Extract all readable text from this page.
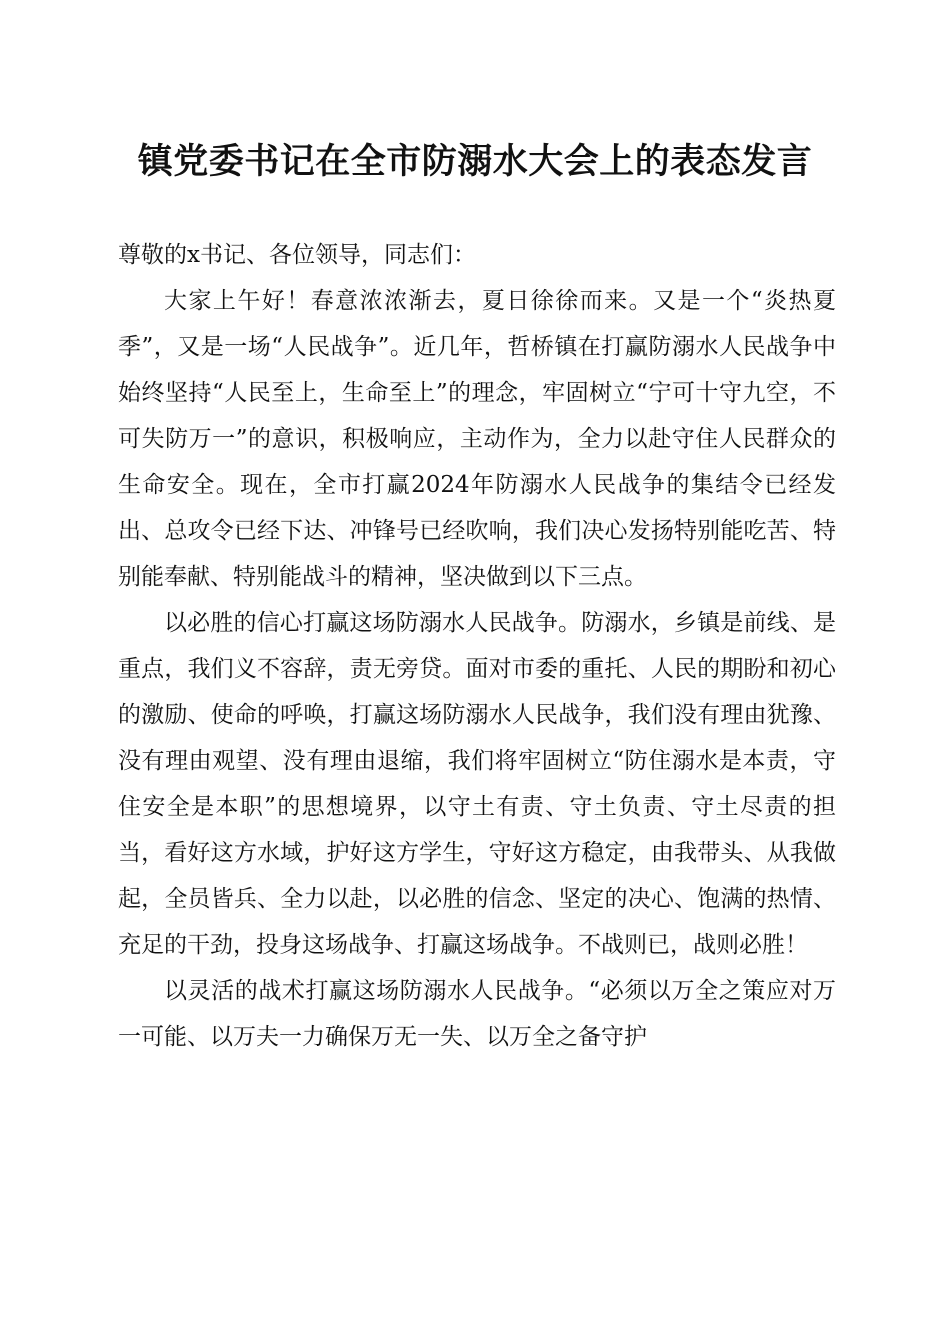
镇党委书记在全市防溺水大会上的表态发言

尊敬的x书记、各位领导，同志们：

大家上午好！春意浓浓渐去，夏日徐徐而来。又是一个“炎热夏季”，又是一场“人民战争”。近几年，哲桥镇在打赢防溺水人民战争中始终坚持“人民至上，生命至上”的理念，牢固树立“宁可十守九空，不可失防万一”的意识，积极响应，主动作为，全力以赴守住人民群众的生命安全。现在，全市打赢2024年防溺水人民战争的集结令已经发出、总攻令已经下达、冲锋号已经吹响，我们决心发扬特别能吃苦、特别能奉献、特别能战斗的精神，坚决做到以下三点。

以必胜的信心打赢这场防溺水人民战争。防溺水，乡镇是前线、是重点，我们义不容辞，责无旁贷。面对市委的重托、人民的期盼和初心的激励、使命的呼唤，打赢这场防溺水人民战争，我们没有理由犹豫、没有理由观望、没有理由退缩，我们将牢固树立“防住溺水是本责，守住安全是本职”的思想境界，以守土有责、守土负责、守土尽责的担当，看好这方水域，护好这方学生，守好这方稳定，由我带头、从我做起，全员皆兵、全力以赴，以必胜的信念、坚定的决心、饱满的热情、充足的干劲，投身这场战争、打赢这场战争。不战则已，战则必胜！

以灵活的战术打赢这场防溺水人民战争。“必须以万全之策应对万一可能、以万夫一力确保万无一失、以万全之备守护
